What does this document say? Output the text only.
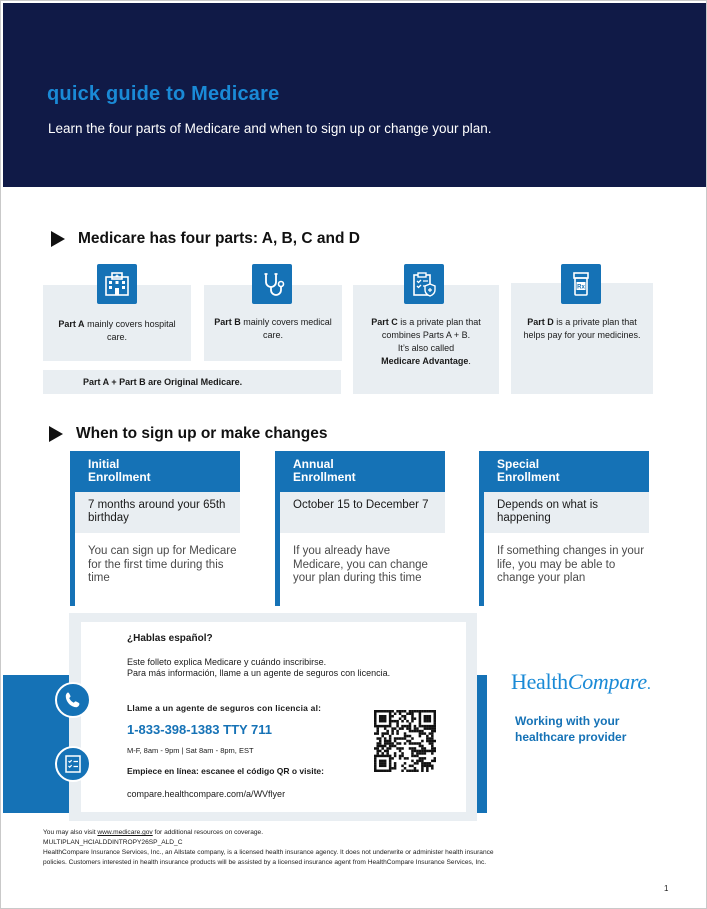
quick guide to Medicare
Learn the four parts of Medicare and when to sign up or change your plan.
Medicare has four parts: A, B, C and D
Part A mainly covers hospital care.
Part B mainly covers medical care.
Part C is a private plan that combines Parts A + B.
It’s also called
Medicare Advantage.
Rx
Part D is a private plan that helps pay for your medicines.
Part A + Part B are Original Medicare.
When to sign up or make changes
Initial
Enrollment
7 months around your 65th birthday
You can sign up for Medicare for the first time during this time
Annual
Enrollment
October 15 to December 7
If you already have Medicare, you can change your plan during this time
Special
Enrollment
Depends on what is happening
If something changes in your life, you may be able to change your plan
¿Hablas español?
Este folleto explica Medicare y cuándo inscribirse.
Para más información, llame a un agente de seguros con licencia.
Llame a un agente de seguros con licencia al:
1-833-398-1383 TTY 711
M-F, 8am - 9pm | Sat 8am - 8pm, EST
Empiece en línea: escanee el código QR o visite:
compare.healthcompare.com/a/WVflyer
HealthCompare.
Working with your healthcare provider
You may also visit www.medicare.gov for additional resources on coverage.
MULTIPLAN_HCIALDDINTROPY26SP_ALD_C
HealthCompare Insurance Services, Inc., an Allstate company, is a licensed health insurance agency. It does not underwrite or administer health insurance policies. Customers interested in health insurance products will be assisted by a licensed insurance agent from HealthCompare Insurance Services, Inc.
1
